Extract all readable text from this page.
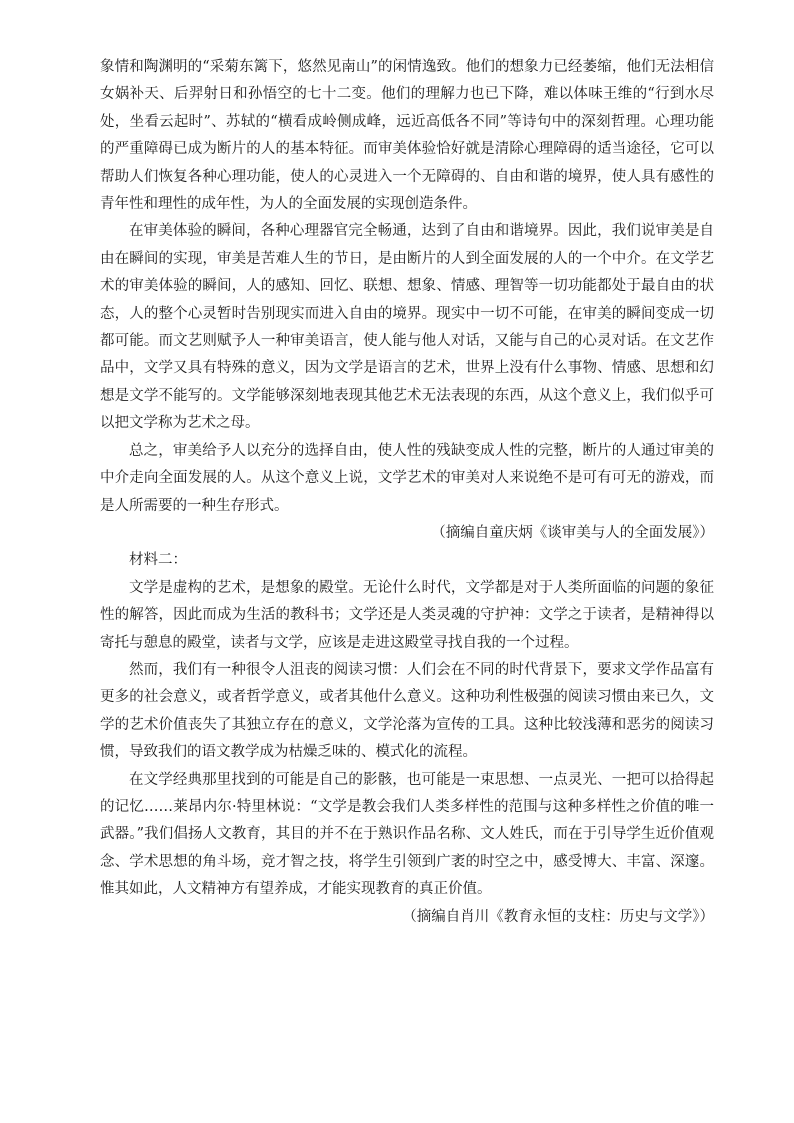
象情和陶渊明的“采菊东篱下，悠然见南山”的闲情逸致。他们的想象力已经萎缩，他们无法相信女娲补天、后羿射日和孙悟空的七十二变。他们的理解力也已下降，难以体味王维的“行到水尽处，坐看云起时”、苏轼的“横看成岭侧成峰，远近高低各不同”等诗句中的深刻哲理。心理功能的严重障碍已成为断片的人的基本特征。而审美体验恰好就是清除心理障碍的适当途径，它可以帮助人们恢复各种心理功能，使人的心灵进入一个无障碍的、自由和谐的境界，使人具有感性的青年性和理性的成年性，为人的全面发展的实现创造条件。

在审美体验的瞬间，各种心理器官完全畅通，达到了自由和谐境界。因此，我们说审美是自由在瞬间的实现，审美是苦难人生的节日，是由断片的人到全面发展的人的一个中介。在文学艺术的审美体验的瞬间，人的感知、回忆、联想、想象、情感、理智等一切功能都处于最自由的状态，人的整个心灵暂时告别现实而进入自由的境界。现实中一切不可能，在审美的瞬间变成一切都可能。而文艺则赋予人一种审美语言，使人能与他人对话，又能与自己的心灵对话。在文艺作品中，文学又具有特殊的意义，因为文学是语言的艺术，世界上没有什么事物、情感、思想和幻想是文学不能写的。文学能够深刻地表现其他艺术无法表现的东西，从这个意义上，我们似乎可以把文学称为艺术之母。

总之，审美给予人以充分的选择自由，使人性的残缺变成人性的完整，断片的人通过审美的中介走向全面发展的人。从这个意义上说，文学艺术的审美对人来说绝不是可有可无的游戏，而是人所需要的一种生存形式。

（摘编自童庆炳《谈审美与人的全面发展》）

材料二：

文学是虚构的艺术，是想象的殿堂。无论什么时代，文学都是对于人类所面临的问题的象征性的解答，因此而成为生活的教科书；文学还是人类灵魂的守护神：文学之于读者，是精神得以寄托与憩息的殿堂，读者与文学，应该是走进这殿堂寻找自我的一个过程。

然而，我们有一种很令人沮丧的阅读习惯：人们会在不同的时代背景下，要求文学作品富有更多的社会意义，或者哲学意义，或者其他什么意义。这种功利性极强的阅读习惯由来已久，文学的艺术价值丧失了其独立存在的意义，文学沦落为宣传的工具。这种比较浅薄和恶劣的阅读习惯，导致我们的语文教学成为枯燥乏味的、模式化的流程。

在文学经典那里找到的可能是自己的影骸，也可能是一束思想、一点灵光、一把可以拾得起的记忆……莱昂内尔·特里林说：“文学是教会我们人类多样性的范围与这种多样性之价值的唯一武器。”我们倡扬人文教育，其目的并不在于熟识作品名称、文人姓氏，而在于引导学生近价值观念、学术思想的角斗场，竞才智之技，将学生引领到广袤的时空之中，感受博大、丰富、深邃。惟其如此，人文精神方有望养成，才能实现教育的真正价值。

（摘编自肖川《教育永恒的支柱：历史与文学》）
